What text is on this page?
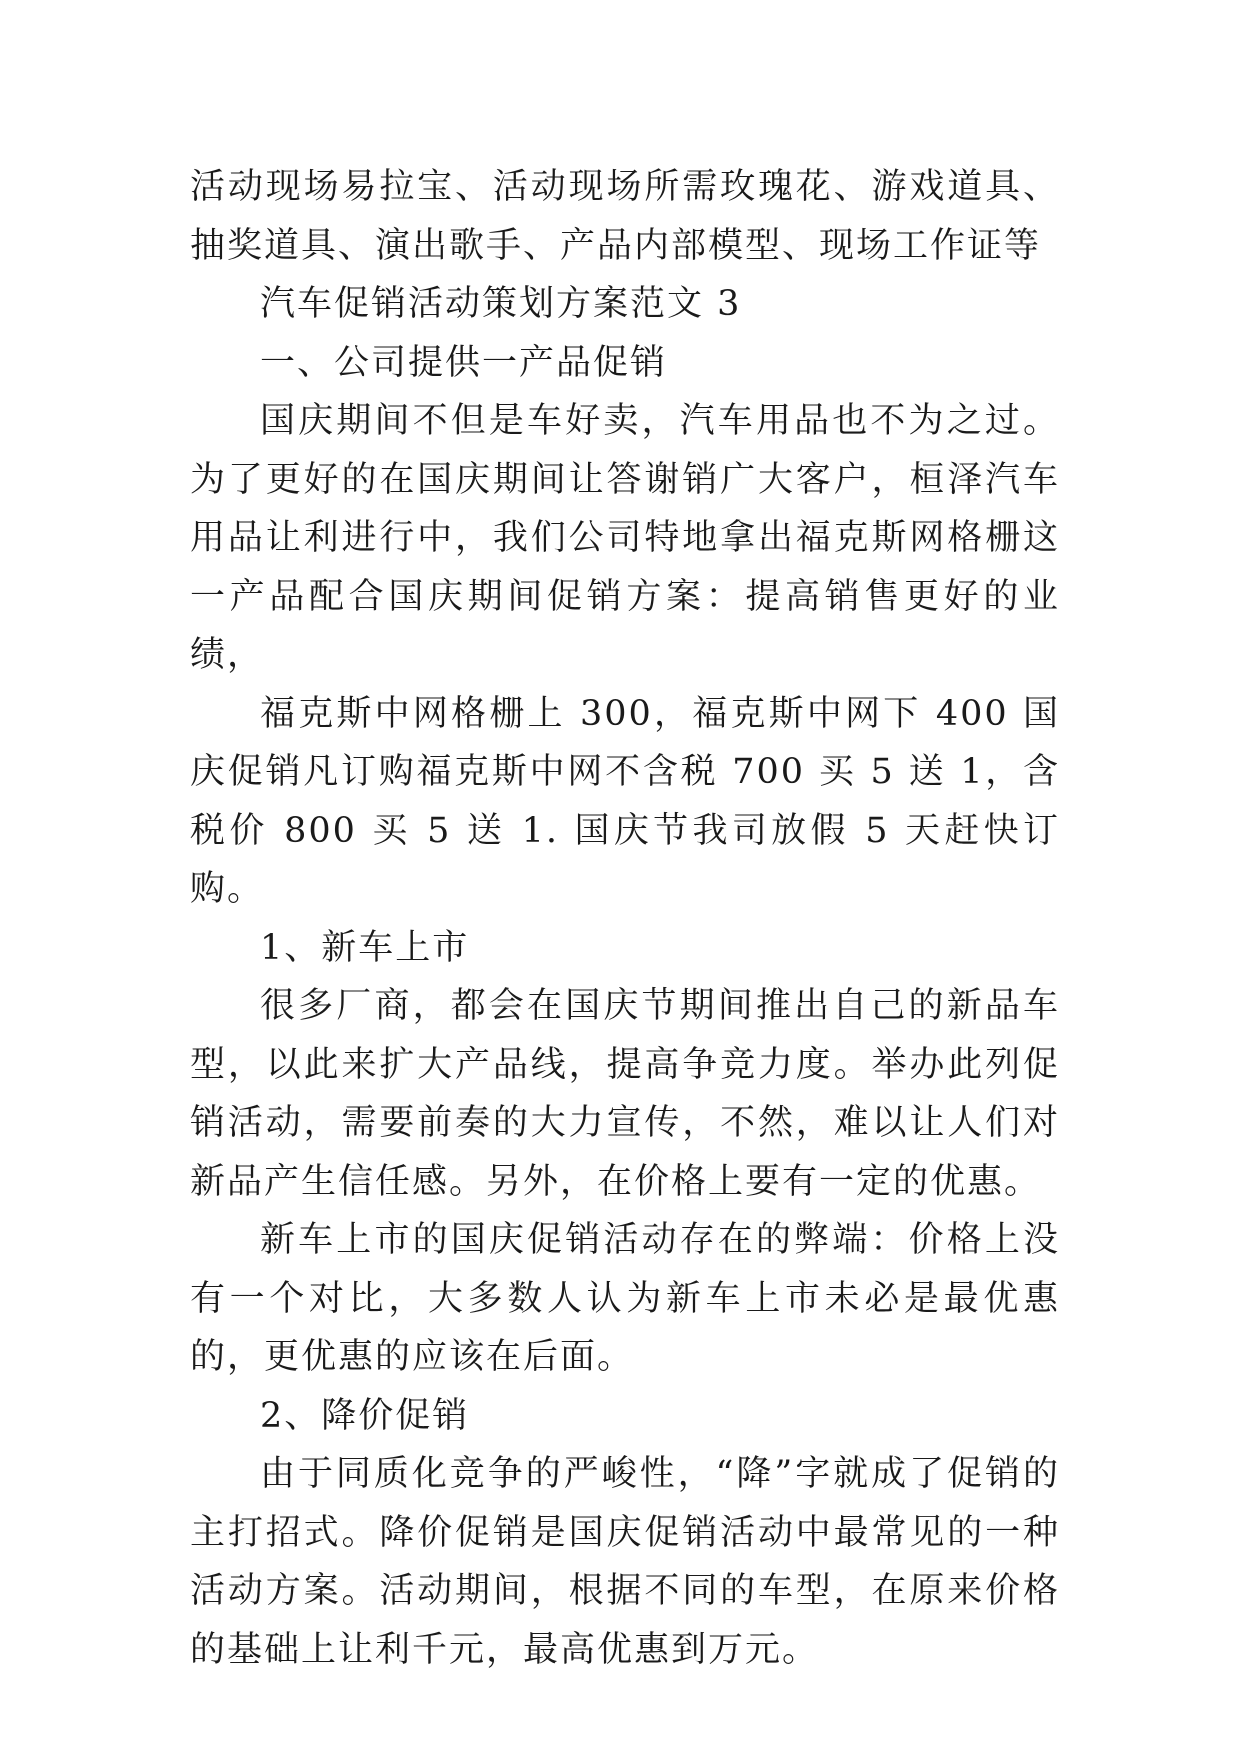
活动现场易拉宝、活动现场所需玫瑰花、游戏道具、抽奖道具、演出歌手、产品内部模型、现场工作证等

汽车促销活动策划方案范文 3

一、公司提供一产品促销

国庆期间不但是车好卖，汽车用品也不为之过。为了更好的在国庆期间让答谢销广大客户，桓泽汽车用品让利进行中，我们公司特地拿出福克斯网格栅这一产品配合国庆期间促销方案：提高销售更好的业绩，

福克斯中网格栅上 300，福克斯中网下 400 国庆促销凡订购福克斯中网不含税 700 买 5 送 1，含税价 800 买 5 送 1. 国庆节我司放假 5 天赶快订购。

1、新车上市

很多厂商，都会在国庆节期间推出自己的新品车型，以此来扩大产品线，提高争竞力度。举办此列促销活动，需要前奏的大力宣传，不然，难以让人们对新品产生信任感。另外，在价格上要有一定的优惠。

新车上市的国庆促销活动存在的弊端：价格上没有一个对比，大多数人认为新车上市未必是最优惠的，更优惠的应该在后面。

2、降价促销

由于同质化竞争的严峻性，“降”字就成了促销的主打招式。降价促销是国庆促销活动中最常见的一种活动方案。活动期间，根据不同的车型，在原来价格的基础上让利千元，最高优惠到万元。
